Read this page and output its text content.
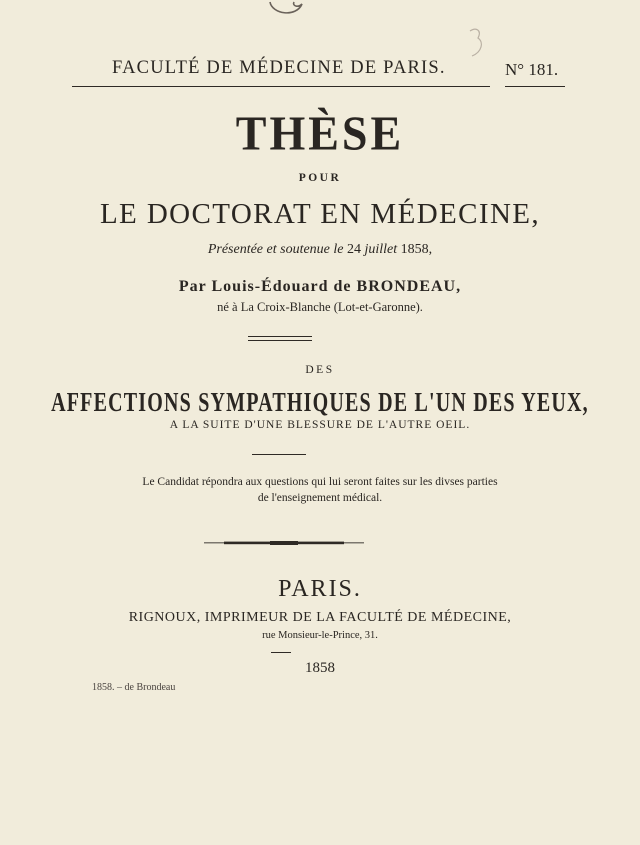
FACULTÉ DE MÉDECINE DE PARIS.	N° 181.
THÈSE
POUR
LE DOCTORAT EN MÉDECINE,
Présentée et soutenue le 24 juillet 1858,
Par Louis-Édouard de BRONDEAU,
né à La Croix-Blanche (Lot-et-Garonne).
DES
AFFECTIONS SYMPATHIQUES DE L'UN DES YEUX,
A LA SUITE D'UNE BLESSURE DE L'AUTRE OEIL.
Le Candidat répondra aux questions qui lui seront faites sur les divses parties
de l'enseignement médical.
PARIS.
RIGNOUX, IMPRIMEUR DE LA FACULTÉ DE MÉDECINE,
rue Monsieur-le-Prince, 31.
1858
1858. – de Brondeau
